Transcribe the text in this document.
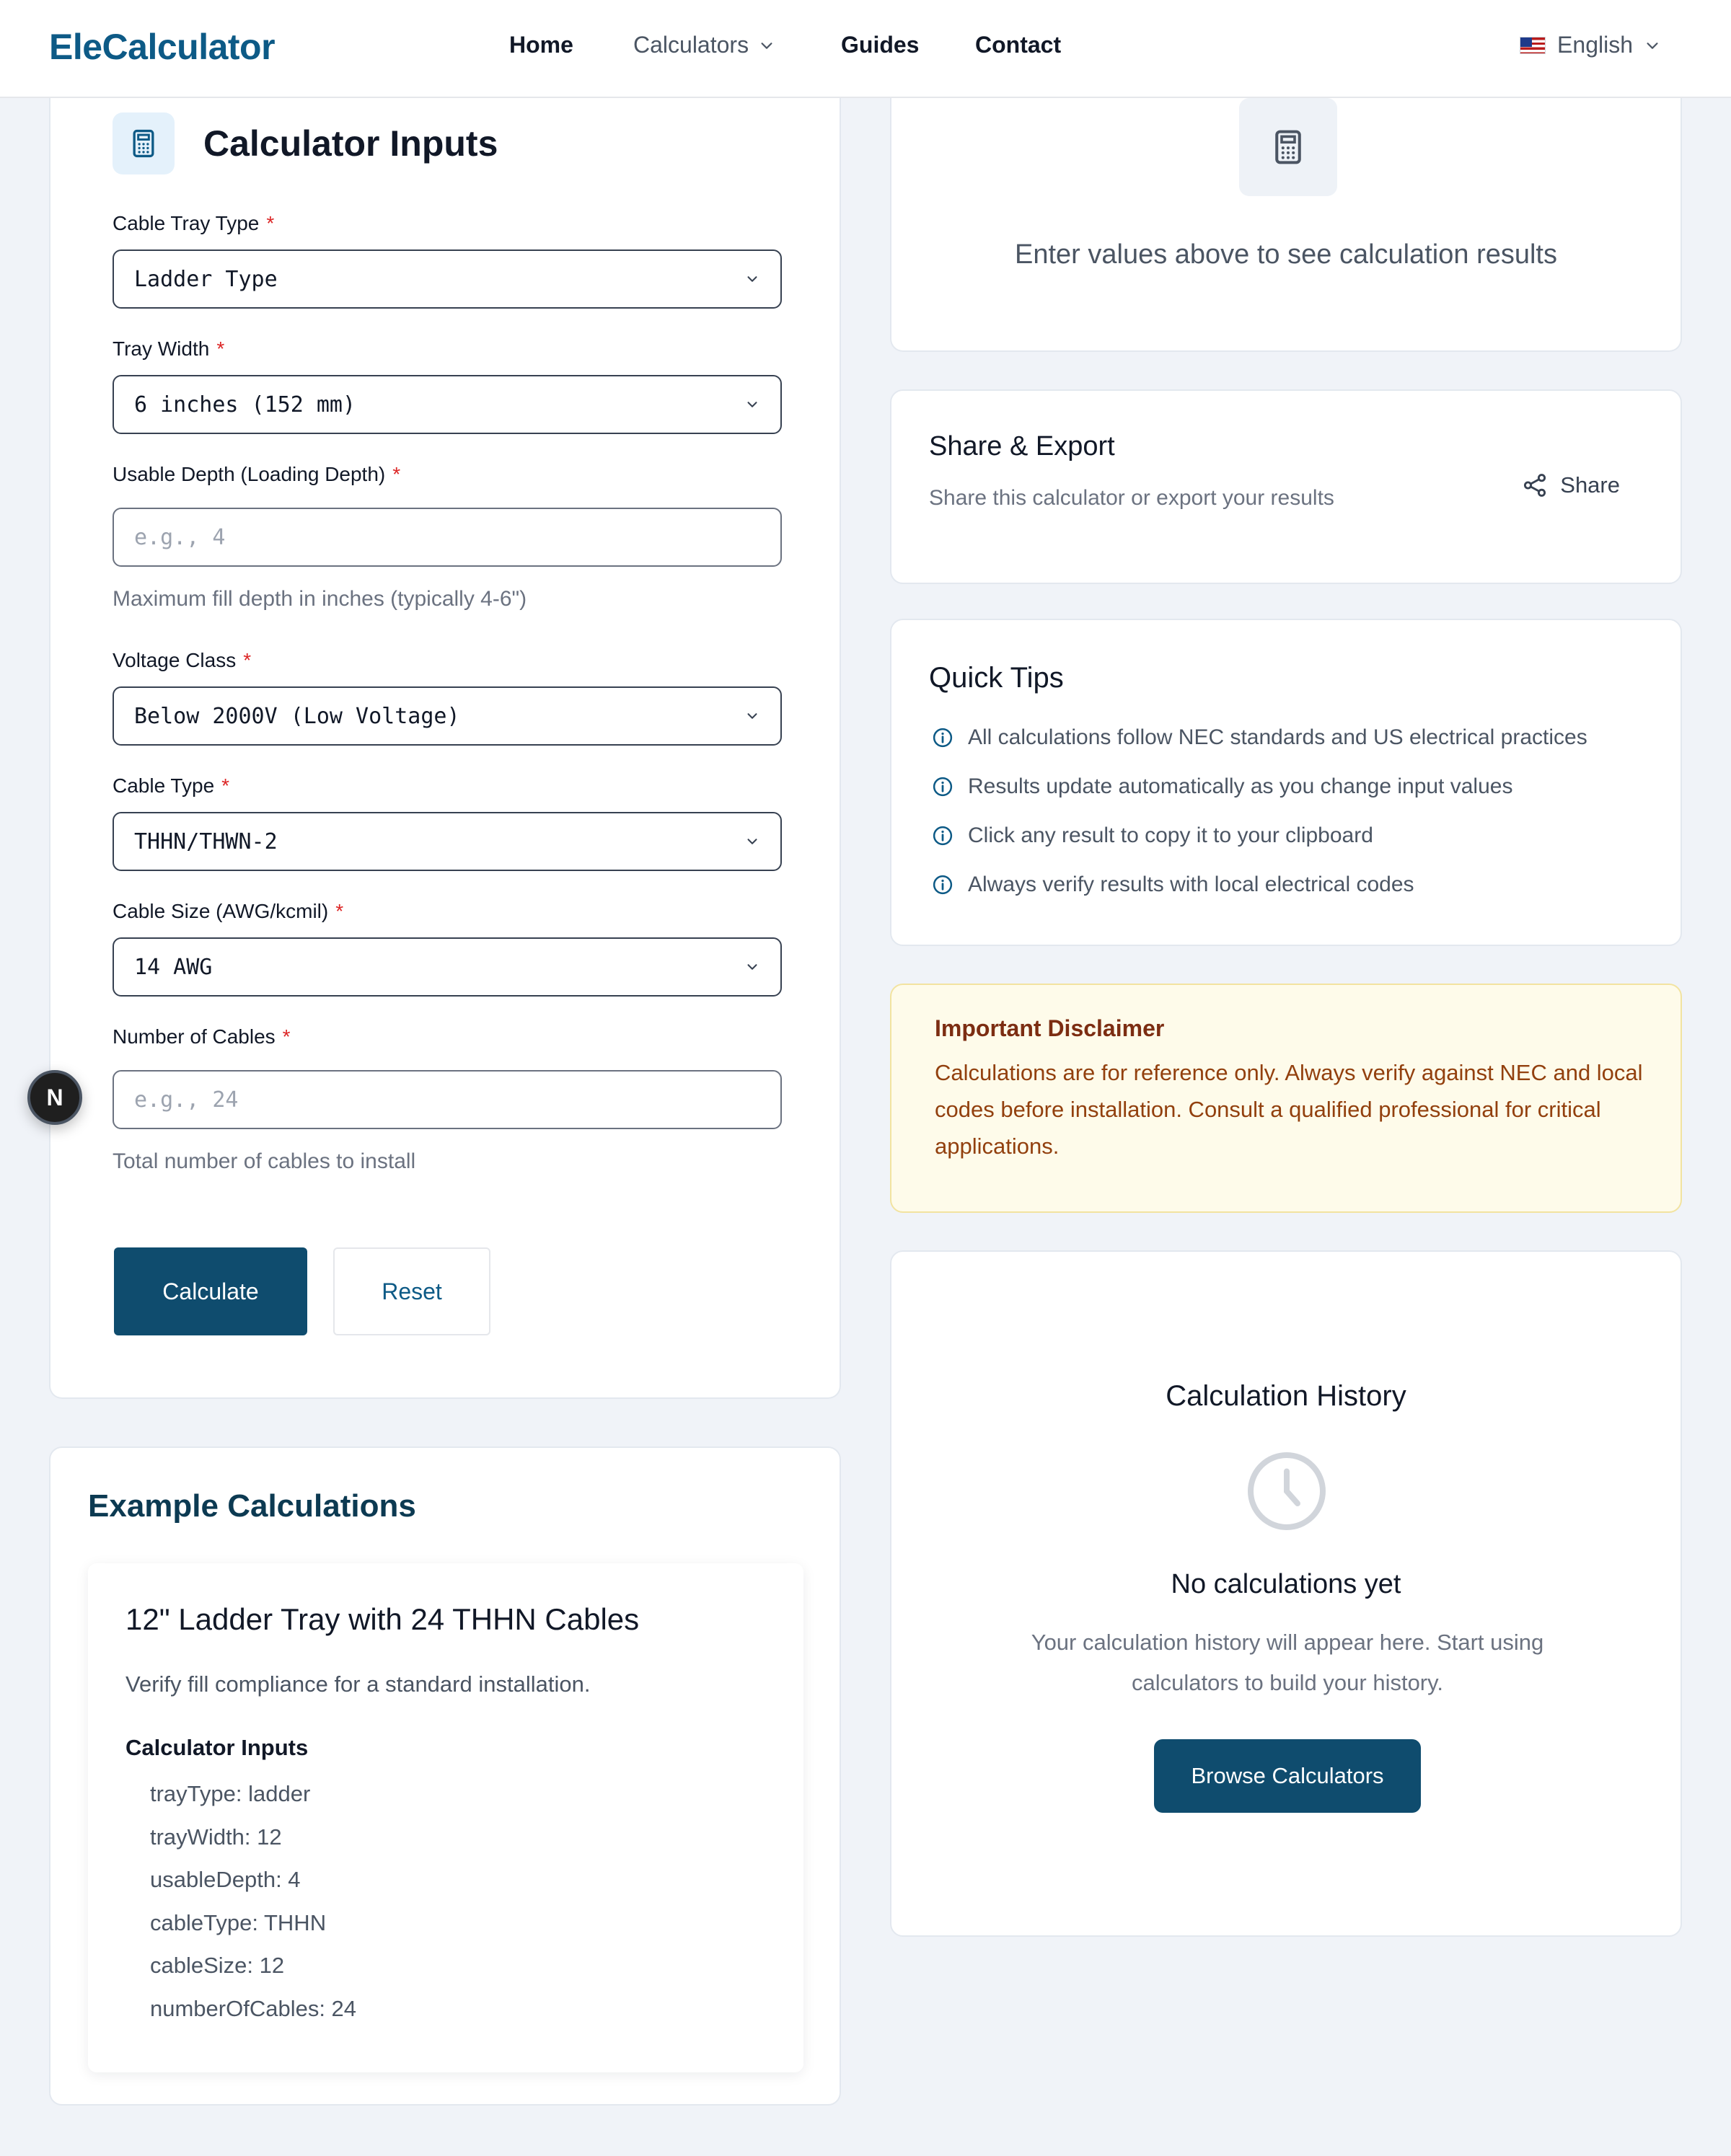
EleCalculator	Home	Calculators	Guides Contact	English
Calculator Inputs
Cable Tray Type *
Ladder Type
Tray Width *
6 inches (152 mm)
Usable Depth (Loading Depth) *
e.g., 4
Maximum fill depth in inches (typically 4-6")
Voltage Class *
Below 2000V (Low Voltage)
Cable Type *
THHN/THWN-2
Cable Size (AWG/kcmil) *
14 AWG
Number of Cables *
e.g., 24
Total number of cables to install
Calculate	Reset
N
Example Calculations
12" Ladder Tray with 24 THHN Cables
Verify fill compliance for a standard installation.
Calculator Inputs
trayType: ladder
trayWidth: 12
usableDepth: 4
cableType: THHN
cableSize: 12
numberOfCables: 24
Enter values above to see calculation results
Share & Export
Share this calculator or export your results
Share
Quick Tips
All calculations follow NEC standards and US electrical practices
Results update automatically as you change input values
Click any result to copy it to your clipboard
Always verify results with local electrical codes
Important Disclaimer
Calculations are for reference only. Always verify against NEC and local codes before installation. Consult a qualified professional for critical applications.
Calculation History
No calculations yet
Your calculation history will appear here. Start using calculators to build your history.
Browse Calculators
